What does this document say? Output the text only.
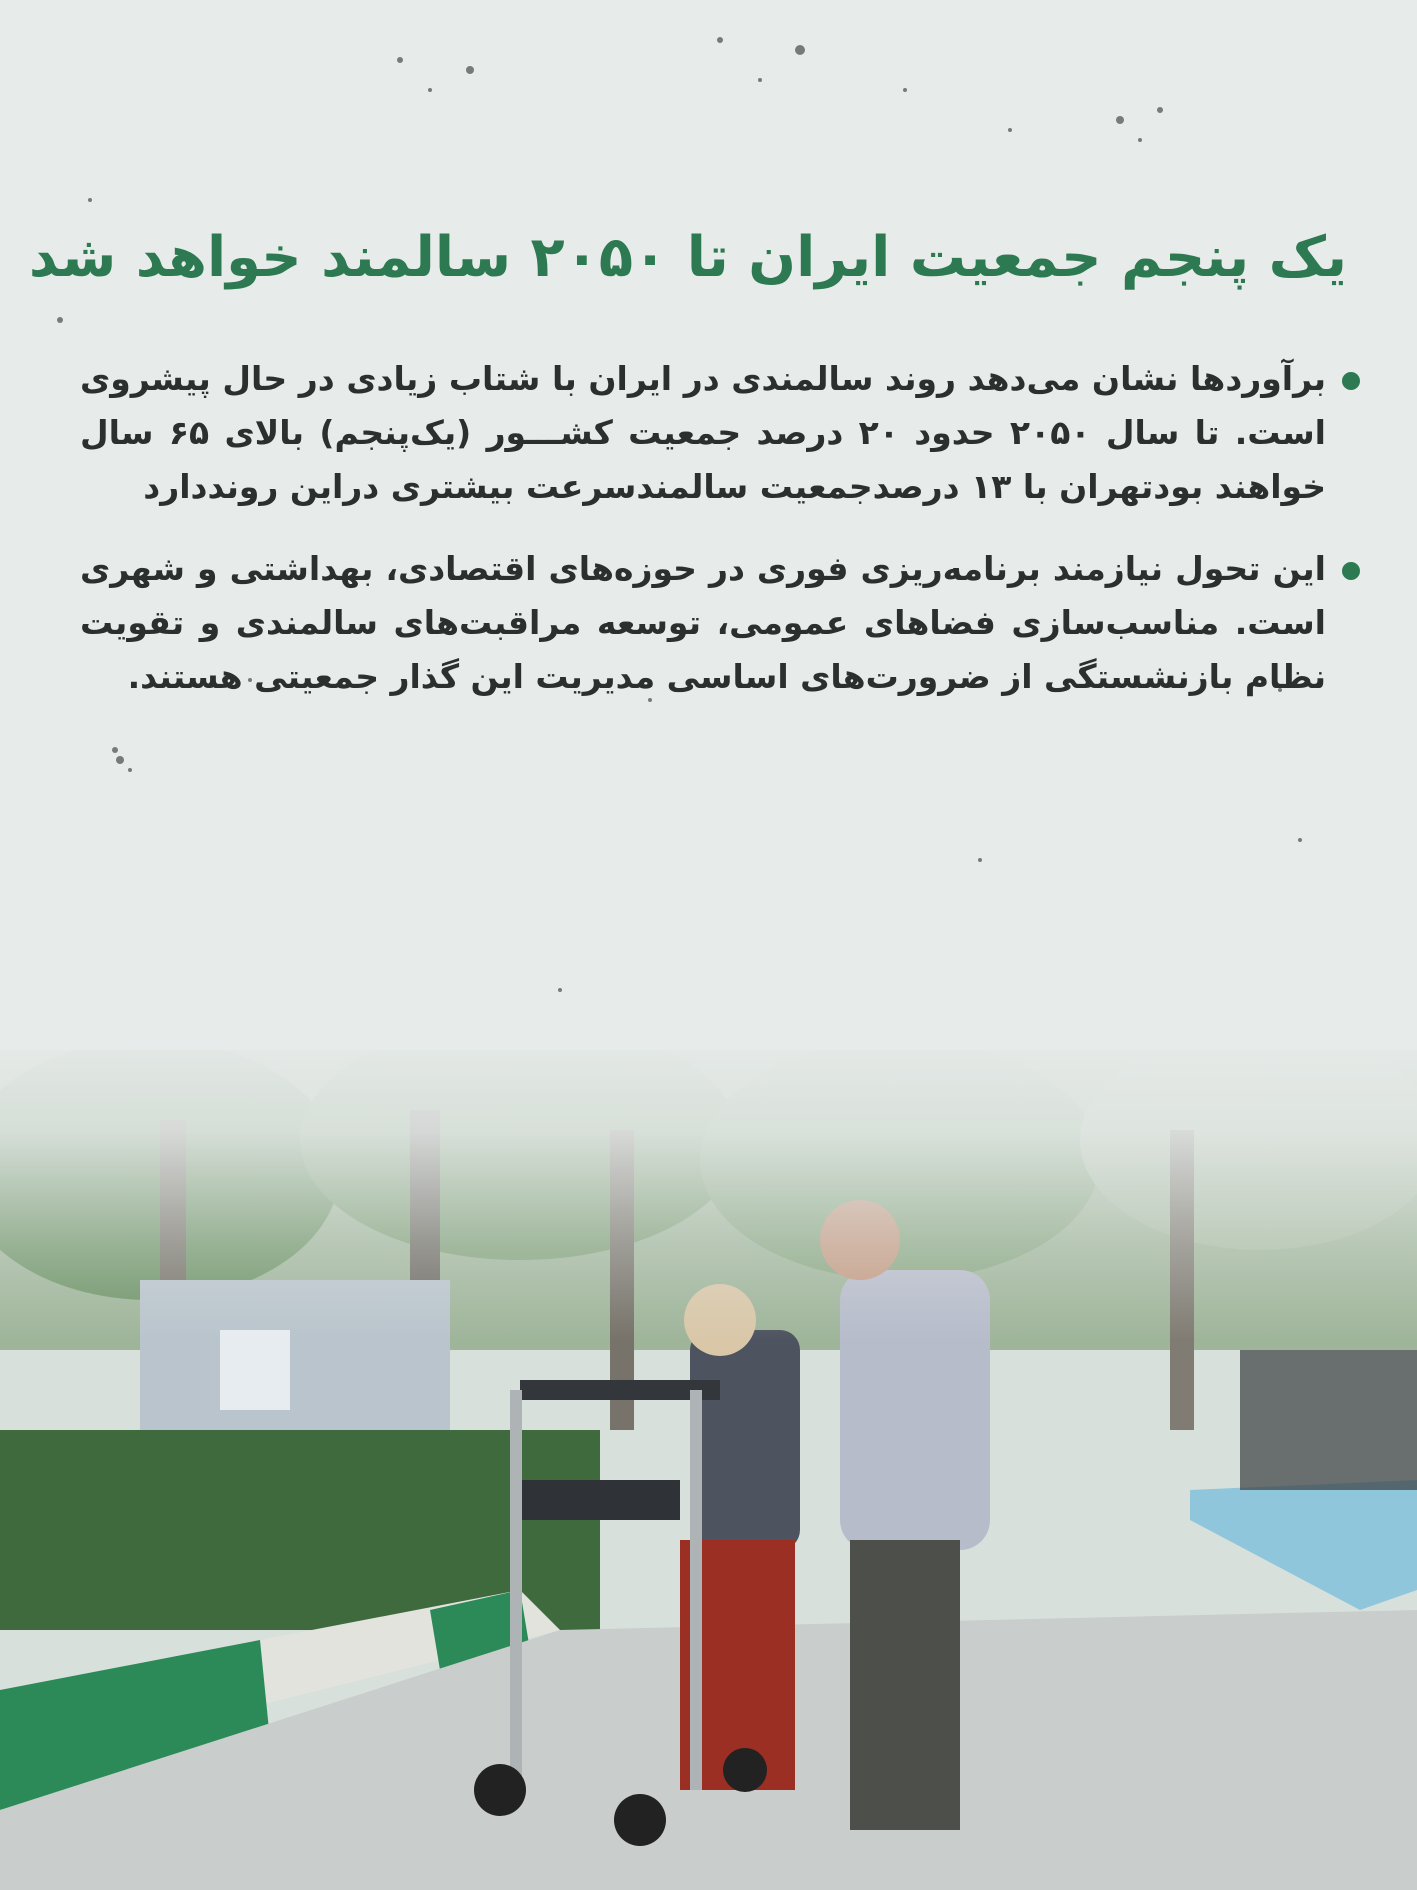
یک پنجم جمعیت ایران تا ۲۰۵۰ سالمند خواهد شد
برآوردها نشان می‌دهد روند سالمندی در ایران با شتاب زیادی در حال پیشروی است. تا سال ۲۰۵۰ حدود ۲۰ درصد جمعیت کشـــور (یک‌پنجم) بالای ۶۵ سال خواهند بودتهران با ۱۳ درصدجمعیت سالمندسرعت بیشتری دراین رونددارد
این تحول نیازمند برنامه‌ریزی فوری در حوزه‌های اقتصادی، بهداشتی و شهری است. مناسب‌سازی فضاهای عمومی، توسعه مراقبت‌های سالمندی و تقویت نظام بازنشستگی از ضرورت‌های اساسی مدیریت این گذار جمعیتی هستند.
